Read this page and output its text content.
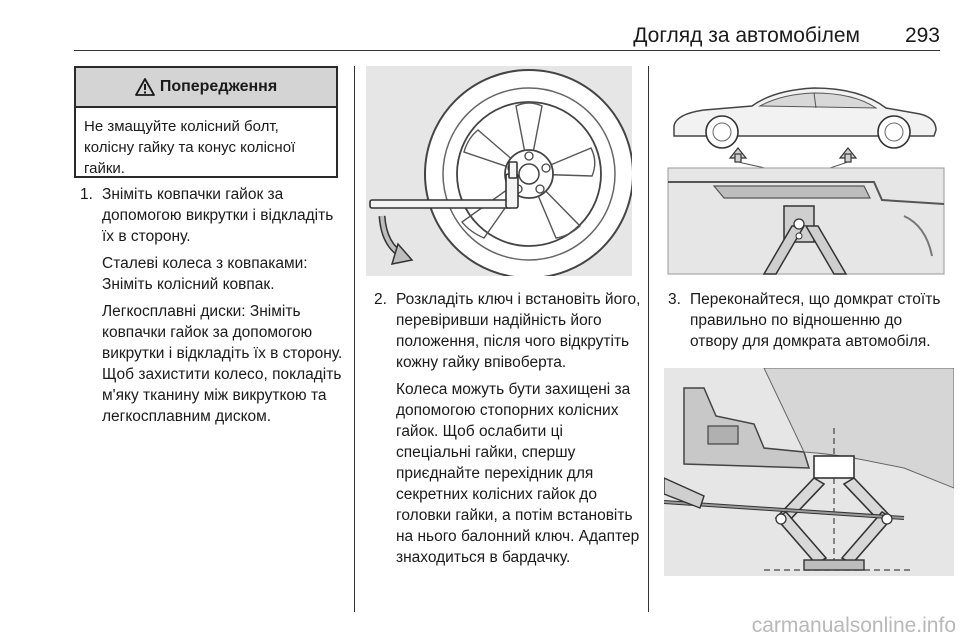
Догляд за автомобілем	293
Попередження
Не змащуйте колісний болт, колісну гайку та конус колісної гайки.
1. Зніміть ковпачки гайок за допомогою викрутки і відкладіть їх в сторону.

Сталеві колеса з ковпаками: Зніміть колісний ковпак.

Легкосплавні диски: Зніміть ковпачки гайок за допомогою викрутки і відкладіть їх в сторону. Щоб захистити колесо, покладіть м'яку тканину між викруткою та легкосплавним диском.

2. Розкладіть ключ і встановіть його, перевіривши надійність його положення, після чого відкрутіть кожну гайку впівоберта.

Колеса можуть бути захищені за допомогою стопорних колісних гайок. Щоб ослабити ці спеціальні гайки, спершу приєднайте перехідник для секретних колісних гайок до головки гайки, а потім встановіть на нього балонний ключ. Адаптер знаходиться в бардачку.

3. Переконайтеся, що домкрат стоїть правильно по відношенню до отвору для домкрата автомобіля.

carmanualsonline.info
